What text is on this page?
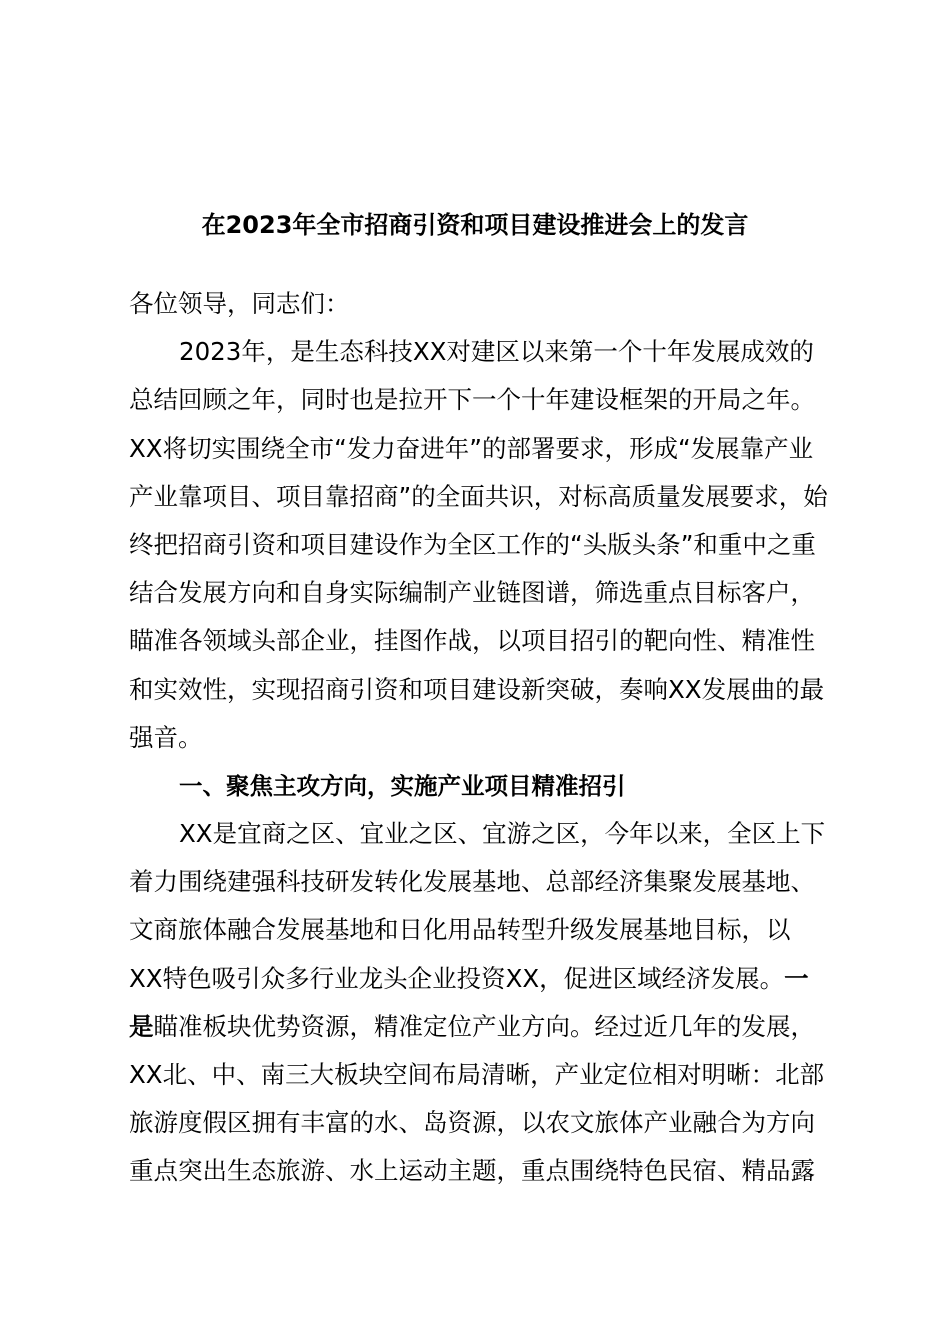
在2023年全市招商引资和项目建设推进会上的发言
各位领导，同志们：
2023年，是生态科技XX对建区以来第一个十年发展成效的
总结回顾之年，同时也是拉开下一个十年建设框架的开局之年。
XX将切实围绕全市“发力奋进年”的部署要求，形成“发展靠产业
产业靠项目、项目靠招商”的全面共识，对标高质量发展要求，始
终把招商引资和项目建设作为全区工作的“头版头条”和重中之重
结合发展方向和自身实际编制产业链图谱，筛选重点目标客户，
瞄准各领域头部企业，挂图作战，以项目招引的靶向性、精准性
和实效性，实现招商引资和项目建设新突破，奏响XX发展曲的最
强音。
一、聚焦主攻方向，实施产业项目精准招引
XX是宜商之区、宜业之区、宜游之区，今年以来，全区上下
着力围绕建强科技研发转化发展基地、总部经济集聚发展基地、
文商旅体融合发展基地和日化用品转型升级发展基地目标，以
XX特色吸引众多行业龙头企业投资XX，促进区域经济发展。一
是瞄准板块优势资源，精准定位产业方向。经过近几年的发展，
XX北、中、南三大板块空间布局清晰，产业定位相对明晰：北部
旅游度假区拥有丰富的水、岛资源，以农文旅体产业融合为方向
重点突出生态旅游、水上运动主题，重点围绕特色民宿、精品露
